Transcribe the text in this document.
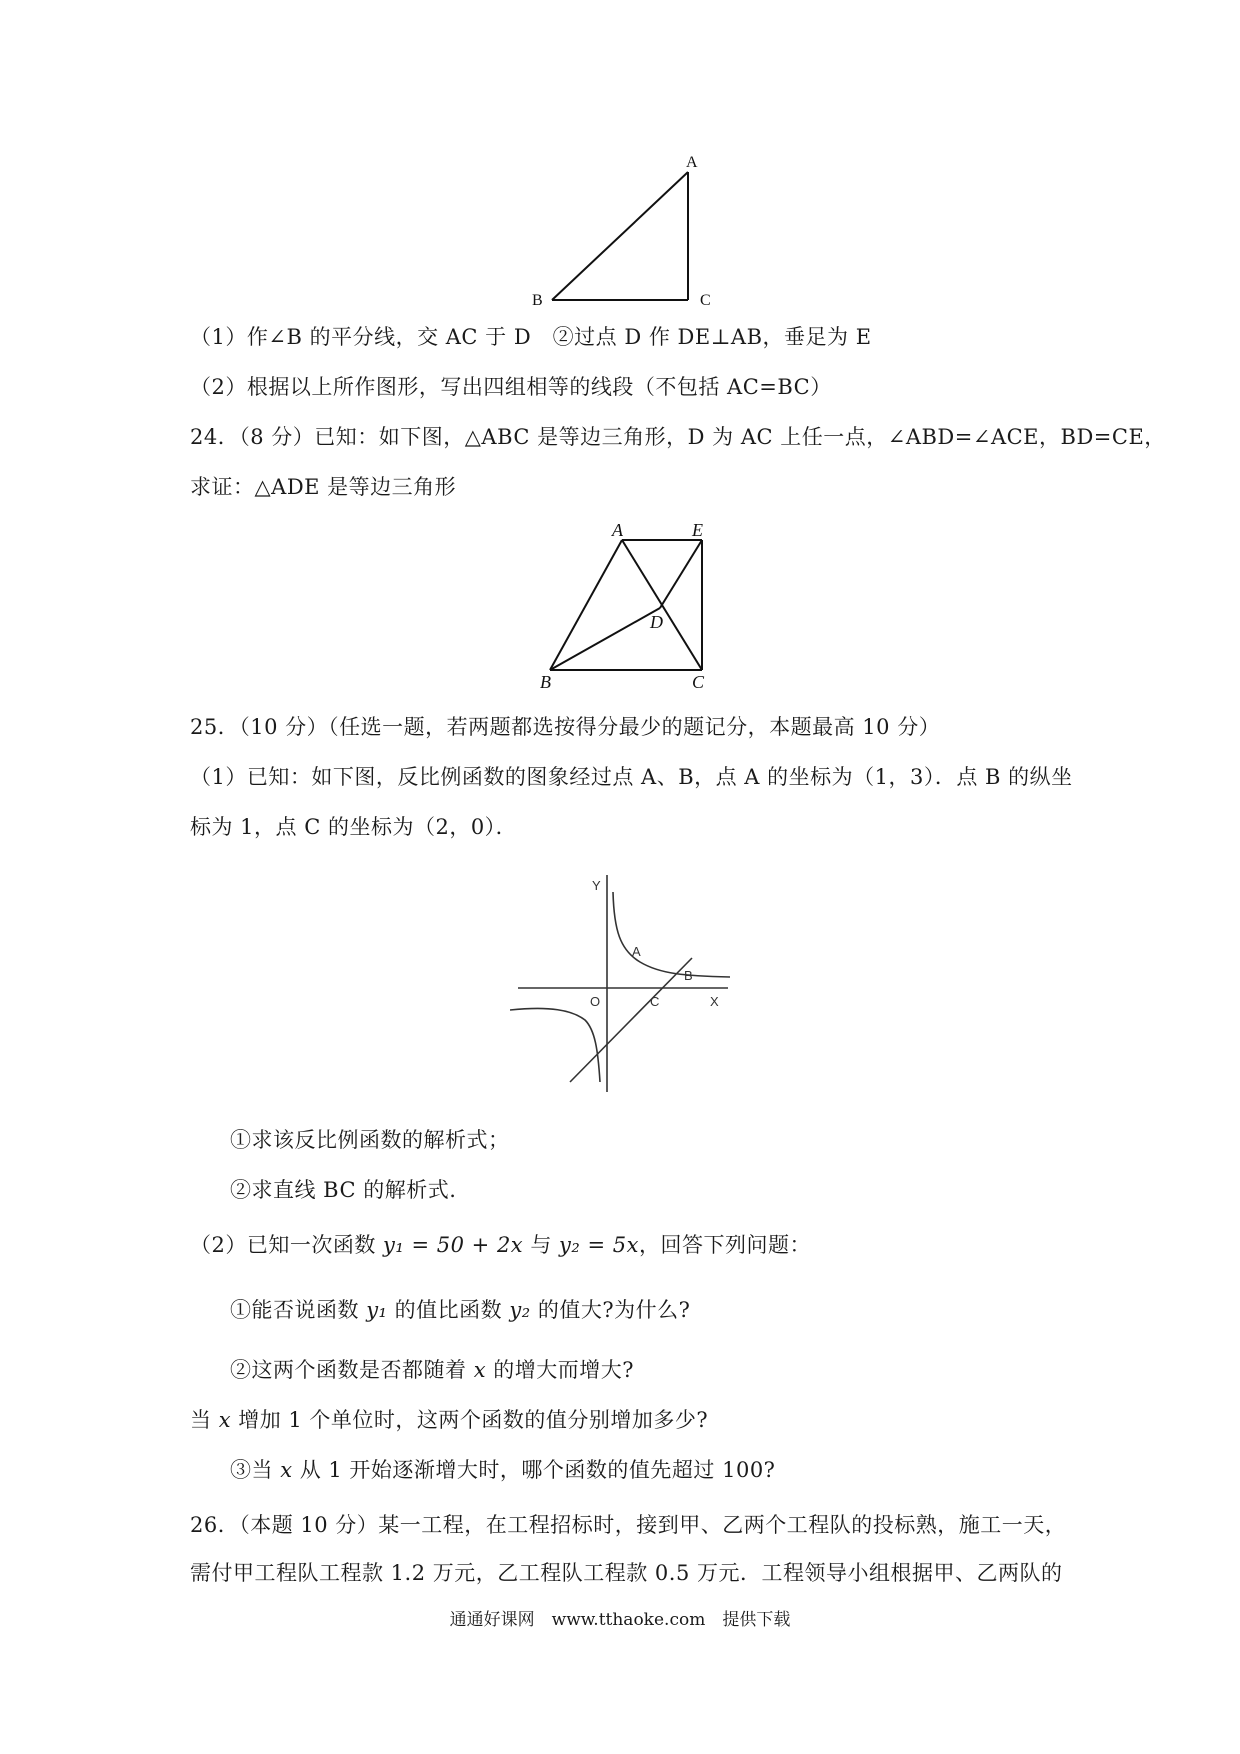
A
B	C
（1）作∠B 的平分线，交 AC 于 D　②过点 D 作 DE⊥AB，垂足为 E
（2）根据以上所作图形，写出四组相等的线段（不包括 AC=BC）
24．（8 分）已知：如下图，△ABC 是等边三角形，D 为 AC 上任一点，∠ABD=∠ACE，BD=CE，
求证：△ADE 是等边三角形
A	E
D
B	C
25．（10 分）（任选一题，若两题都选按得分最少的题记分，本题最高 10 分）
（1）已知：如下图，反比例函数的图象经过点 A、B，点 A 的坐标为（1，3）．点 B 的纵坐
标为 1，点 C 的坐标为（2，0）．
Y
A
B
O	C	X
①求该反比例函数的解析式；
②求直线 BC 的解析式.
（2）已知一次函数 y₁ = 50 + 2x 与 y₂ = 5x，回答下列问题：
①能否说函数 y₁ 的值比函数 y₂ 的值大?为什么?
②这两个函数是否都随着 x 的增大而增大?
当 x 增加 1 个单位时，这两个函数的值分别增加多少?
③当 x 从 1 开始逐渐增大时，哪个函数的值先超过 100?
26．（本题 10 分）某一工程，在工程招标时，接到甲、乙两个工程队的投标熟，施工一天，
需付甲工程队工程款 1.2 万元，乙工程队工程款 0.5 万元．工程领导小组根据甲、乙两队的
通通好课网　www.tthaoke.com　提供下载
